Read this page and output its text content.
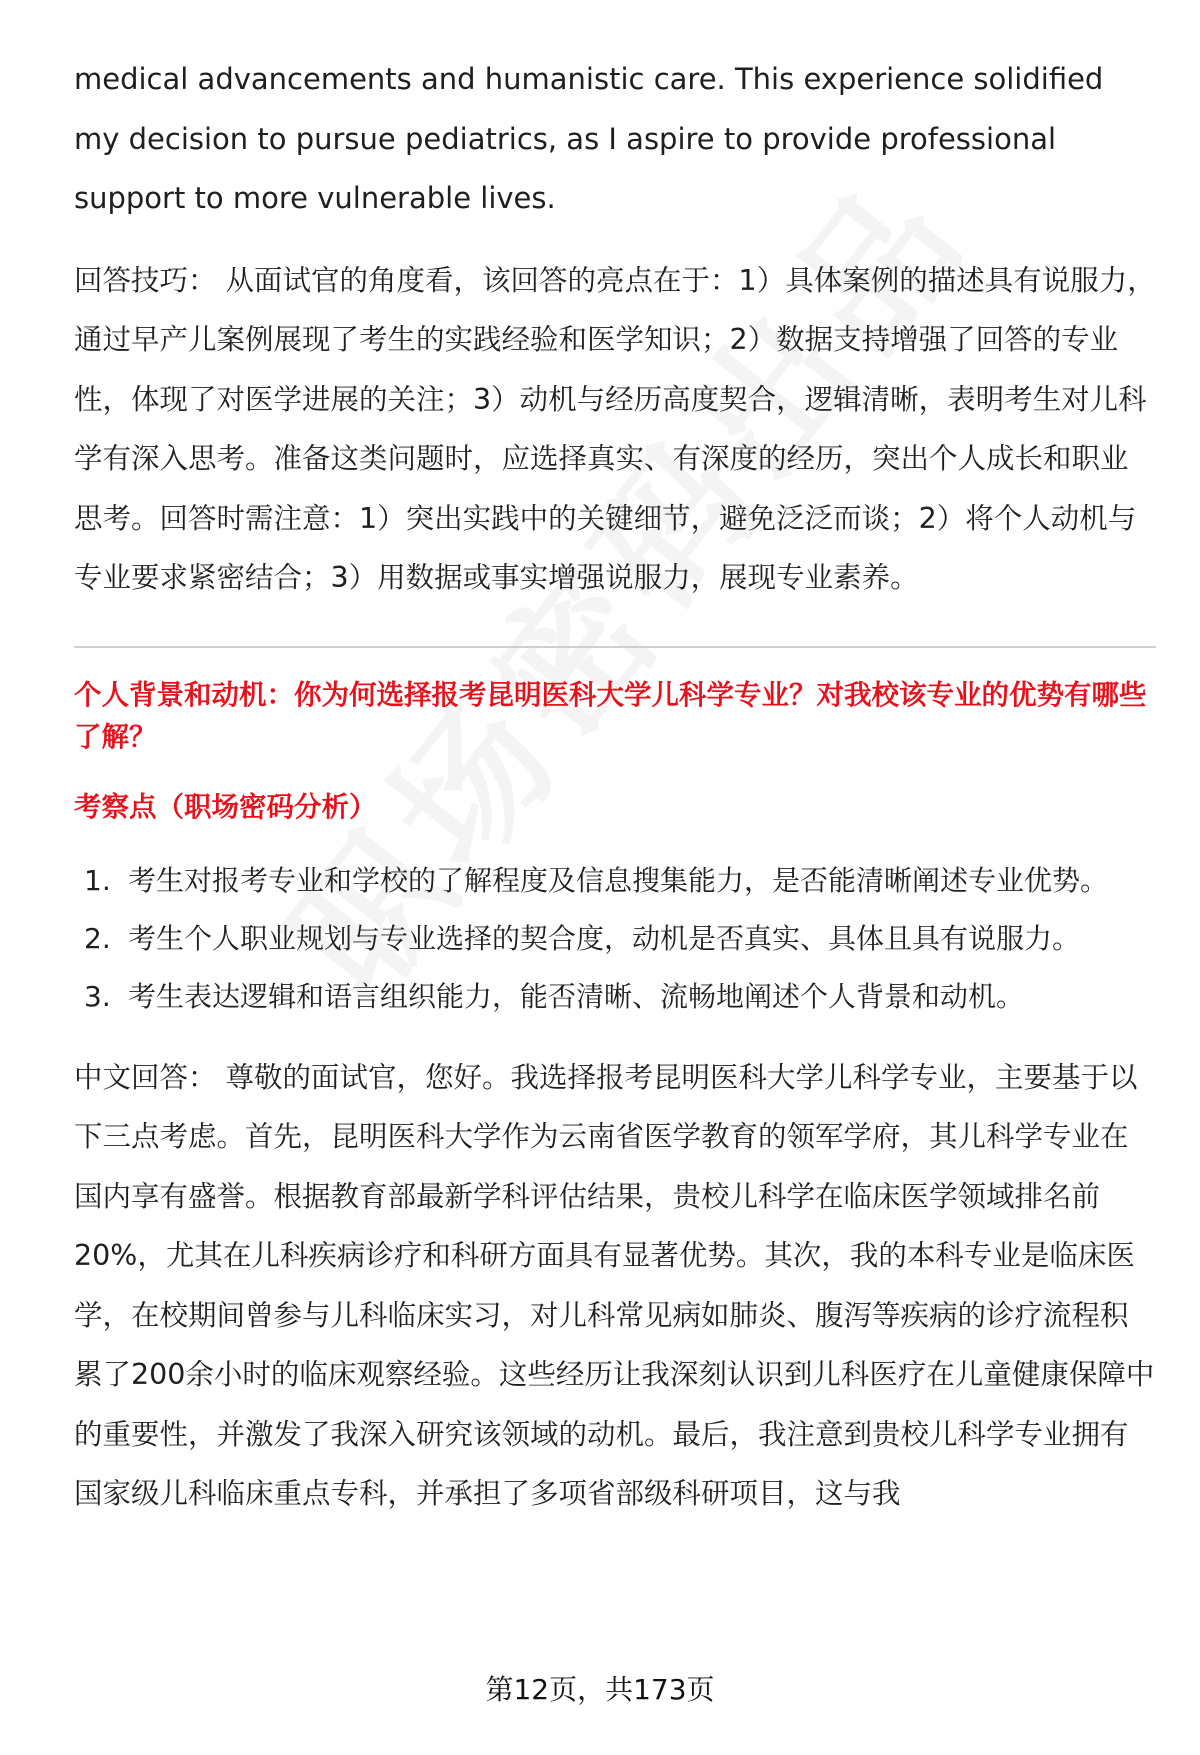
medical advancements and humanistic care. This experience solidified my decision to pursue pediatrics, as I aspire to provide professional support to more vulnerable lives.

回答技巧： 从面试官的角度看，该回答的亮点在于：1）具体案例的描述具有说服力，通过早产儿案例展现了考生的实践经验和医学知识；2）数据支持增强了回答的专业性，体现了对医学进展的关注；3）动机与经历高度契合，逻辑清晰，表明考生对儿科学有深入思考。准备这类问题时，应选择真实、有深度的经历，突出个人成长和职业思考。回答时需注意：1）突出实践中的关键细节，避免泛泛而谈；2）将个人动机与专业要求紧密结合；3）用数据或事实增强说服力，展现专业素养。

个人背景和动机：你为何选择报考昆明医科大学儿科学专业？对我校该专业的优势有哪些了解？

考察点（职场密码分析）

1. 考生对报考专业和学校的了解程度及信息搜集能力，是否能清晰阐述专业优势。
2. 考生个人职业规划与专业选择的契合度，动机是否真实、具体且具有说服力。
3. 考生表达逻辑和语言组织能力，能否清晰、流畅地阐述个人背景和动机。

中文回答： 尊敬的面试官，您好。我选择报考昆明医科大学儿科学专业，主要基于以下三点考虑。首先，昆明医科大学作为云南省医学教育的领军学府，其儿科学专业在国内享有盛誉。根据教育部最新学科评估结果，贵校儿科学在临床医学领域排名前20%，尤其在儿科疾病诊疗和科研方面具有显著优势。其次，我的本科专业是临床医学，在校期间曾参与儿科临床实习，对儿科常见病如肺炎、腹泻等疾病的诊疗流程积累了200余小时的临床观察经验。这些经历让我深刻认识到儿科医疗在儿童健康保障中的重要性，并激发了我深入研究该领域的动机。最后，我注意到贵校儿科学专业拥有国家级儿科临床重点专科，并承担了多项省部级科研项目，这与我

第12页，共173页
